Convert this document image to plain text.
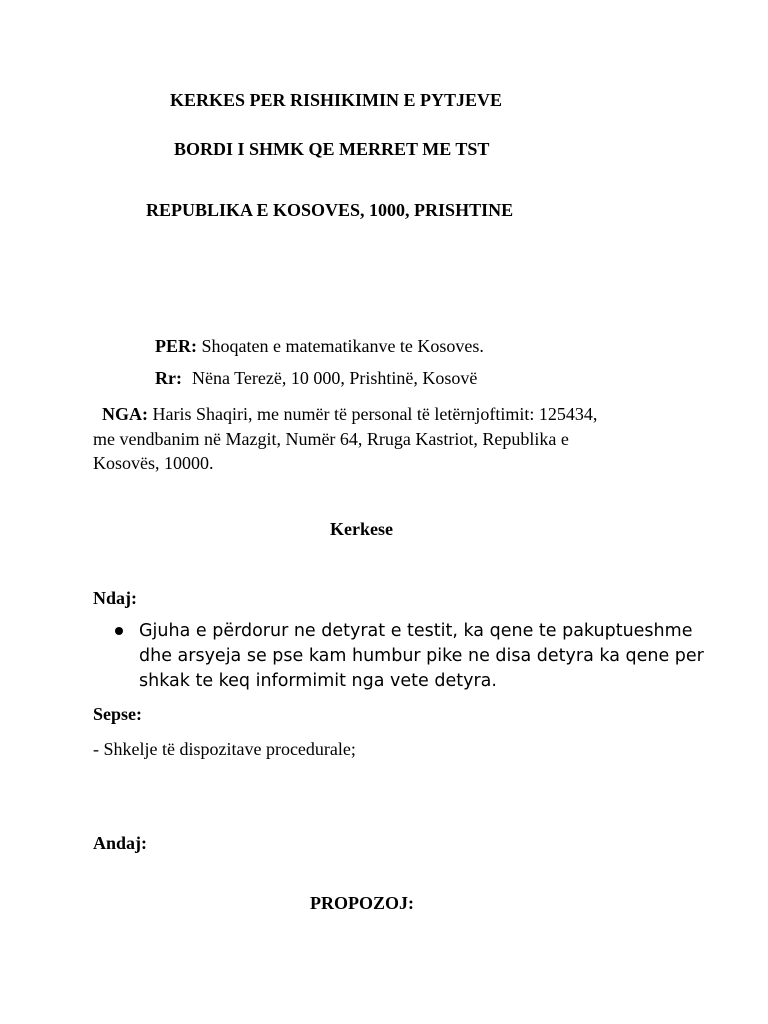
KERKES PER RISHIKIMIN E PYTJEVE
BORDI I SHMK QE MERRET ME TST
REPUBLIKA E KOSOVES, 1000, PRISHTINE
PER: Shoqaten e matematikanve te Kosoves.
Rr: Nëna Terezë, 10 000, Prishtinë, Kosovë
NGA: Haris Shaqiri, me numër të personal të letërnjoftimit: 125434,
me vendbanim në Mazgit, Numër 64, Rruga Kastriot, Republika e
Kosovës, 10000.
Kerkese
Ndaj:
Gjuha e përdorur ne detyrat e testit, ka qene te pakuptueshme
dhe arsyeja se pse kam humbur pike ne disa detyra ka qene per
shkak te keq informimit nga vete detyra.
Sepse:
- Shkelje të dispozitave procedurale;
Andaj:
PROPOZOJ:
